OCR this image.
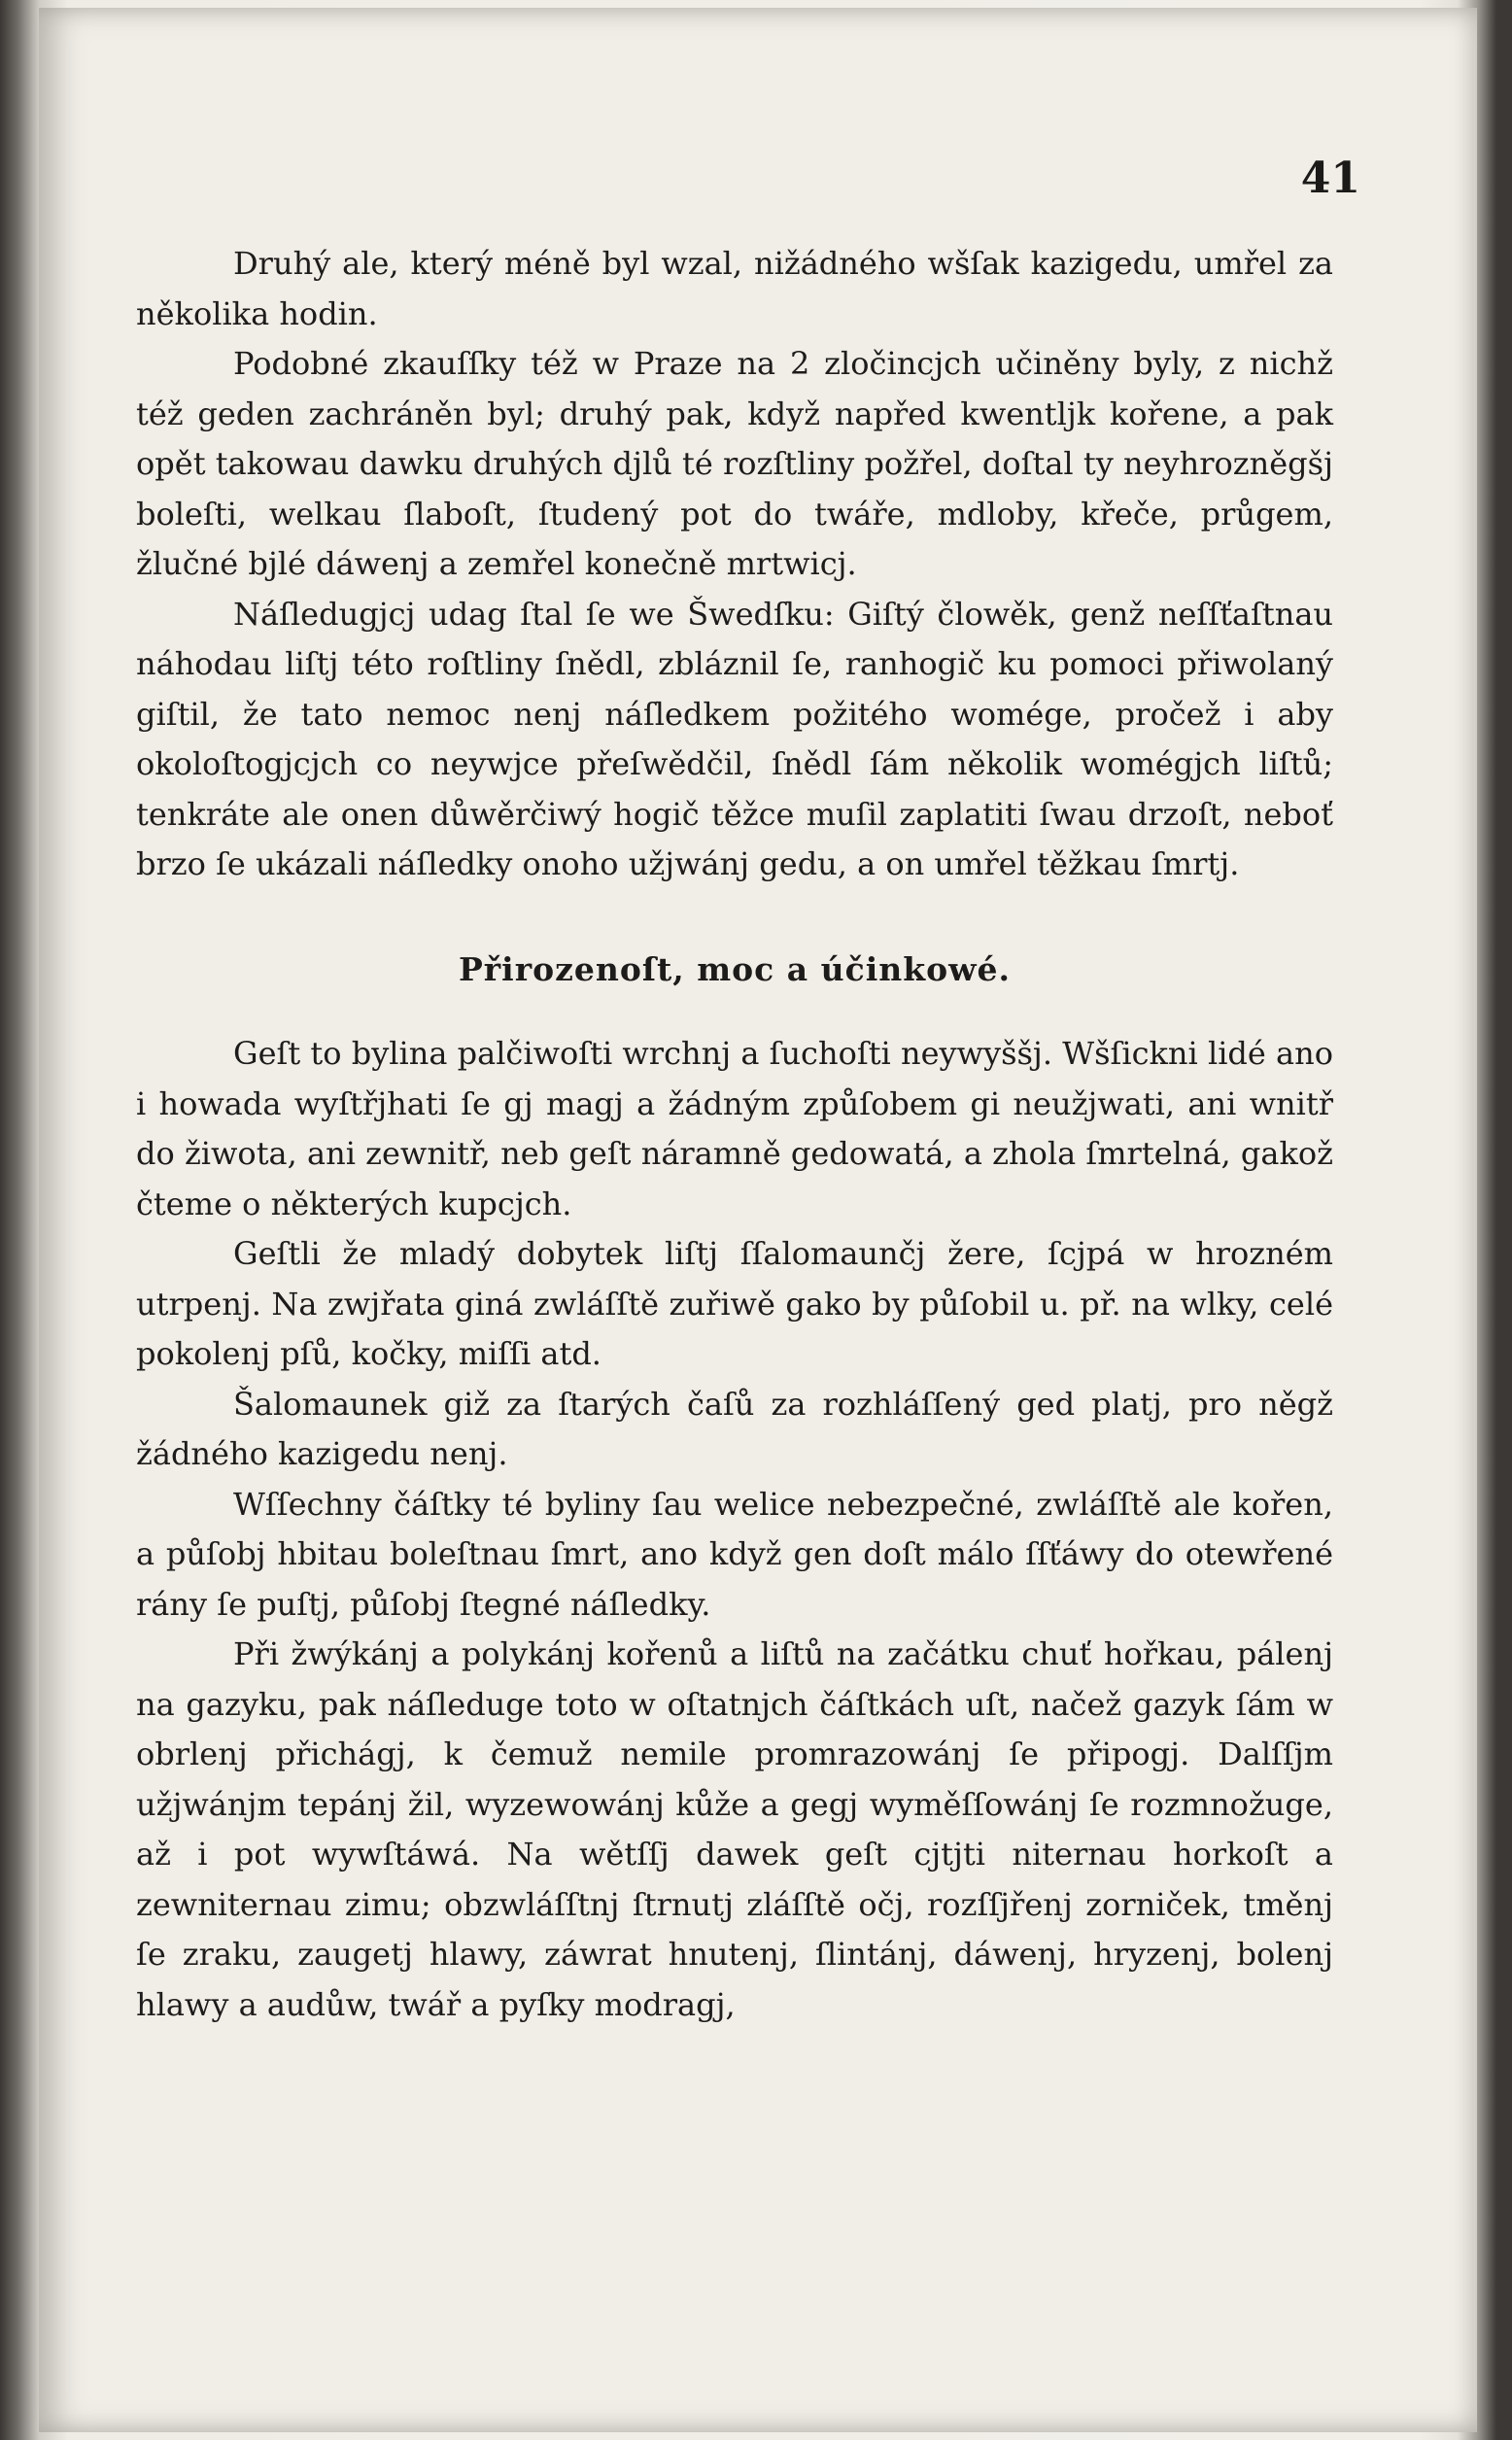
41

Druhý ale, který méně byl wzal, nižádného wšſak kazigedu, umřel za několika hodin.

Podobné zkauſſky též w Praze na 2 zločincjch učiněny byly, z nichž též geden zachráněn byl; druhý pak, když napřed kwentljk kořene, a pak opět takowau dawku druhých djlů té rozſtliny požřel, doſtal ty neyhrozněgšj boleſti, welkau ſlaboſt, ſtudený pot do twáře, mdloby, křeče, průgem, žlučné bjlé dáwenj a zemřel konečně mrtwicj.

Náſledugjcj udag ſtal ſe we Šwedſku: Giſtý člowěk, genž neſſťaſtnau náhodau liſtj této roſtliny ſnědl, zbláznil ſe, ranhogič ku pomoci přiwolaný giſtil, že tato nemoc nenj náſledkem požitého womége, pročež i aby okoloſtogjcjch co neywjce přeſwědčil, ſnědl ſám několik womégjch liſtů; tenkráte ale onen důwěrčiwý hogič těžce muſil zaplatiti ſwau drzoſt, neboť brzo ſe ukázali náſledky onoho užjwánj gedu, a on umřel těžkau ſmrtj.

Přirozenoſt, moc a účinkowé.

Geſt to bylina palčiwoſti wrchnj a ſuchoſti neywyššj. Wšſickni lidé ano i howada wyſtřjhati ſe gj magj a žádným způſobem gi neužjwati, ani wnitř do žiwota, ani zewnitř, neb geſt náramně gedowatá, a zhola ſmrtelná, gakož čteme o některých kupcjch.

Geſtli že mladý dobytek liſtj ſſalomaunčj žere, ſcjpá w hrozném utrpenj. Na zwjřata giná zwláſſtě zuřiwě gako by půſobil u. př. na wlky, celé pokolenj pſů, kočky, miſſi atd.

Šalomaunek giž za ſtarých čaſů za rozhláſſený ged platj, pro něgž žádného kazigedu nenj.

Wſſechny čáſtky té byliny ſau welice nebezpečné, zwláſſtě ale kořen, a půſobj hbitau boleſtnau ſmrt, ano když gen doſt málo ſſťáwy do otewřené rány ſe puſtj, půſobj ſtegné náſledky.

Při žwýkánj a polykánj kořenů a liſtů na začátku chuť hořkau, pálenj na gazyku, pak náſleduge toto w oſtatnjch čáſtkách uſt, načež gazyk ſám w obrlenj přichágj, k čemuž nemile promrazowánj ſe připogj. Dalſſjm užjwánjm tepánj žil, wyzewowánj kůže a gegj wyměſſowánj ſe rozmnožuge, až i pot wywſtáwá. Na wětſſj dawek geſt cjtjti niternau horkoſt a zewniternau zimu; obzwláſſtnj ſtrnutj zláſſtě očj, rozſſjřenj zorniček, tměnj ſe zraku, zaugetj hlawy, záwrat hnutenj, ſlintánj, dáwenj, hryzenj, bolenj hlawy a audůw, twář a pyſky modragj,
